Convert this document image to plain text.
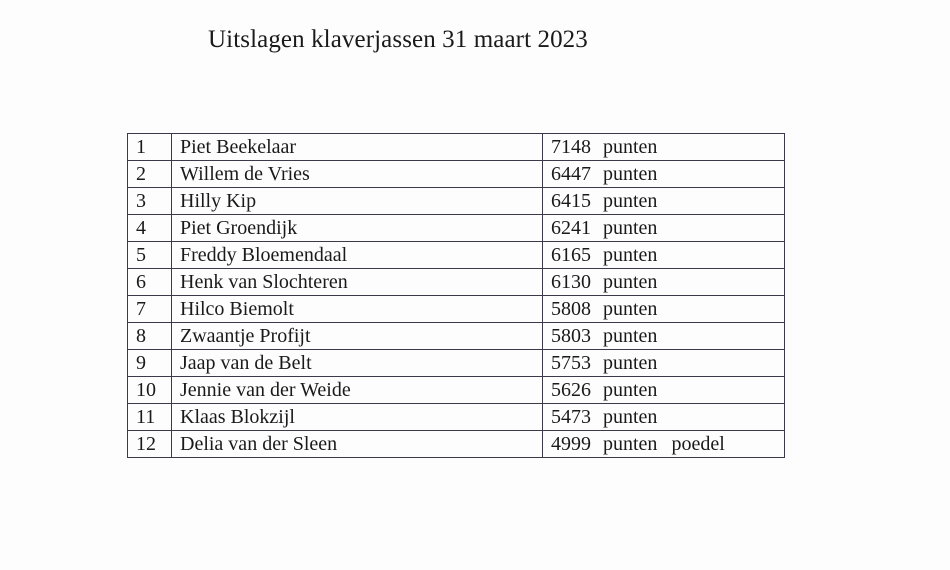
Uitslagen klaverjassen 31 maart 2023
1	Piet Beekelaar	7148 punten
2	Willem de Vries	6447 punten
3	Hilly Kip	6415 punten
4	Piet Groendijk	6241 punten
5	Freddy Bloemendaal	6165 punten
6	Henk van Slochteren	6130 punten
7	Hilco Biemolt	5808 punten
8	Zwaantje Profijt	5803 punten
9	Jaap van de Belt	5753 punten
10	Jennie van der Weide	5626 punten
11	Klaas Blokzijl	5473 punten
12	Delia van der Sleen	4999 punten poedel
